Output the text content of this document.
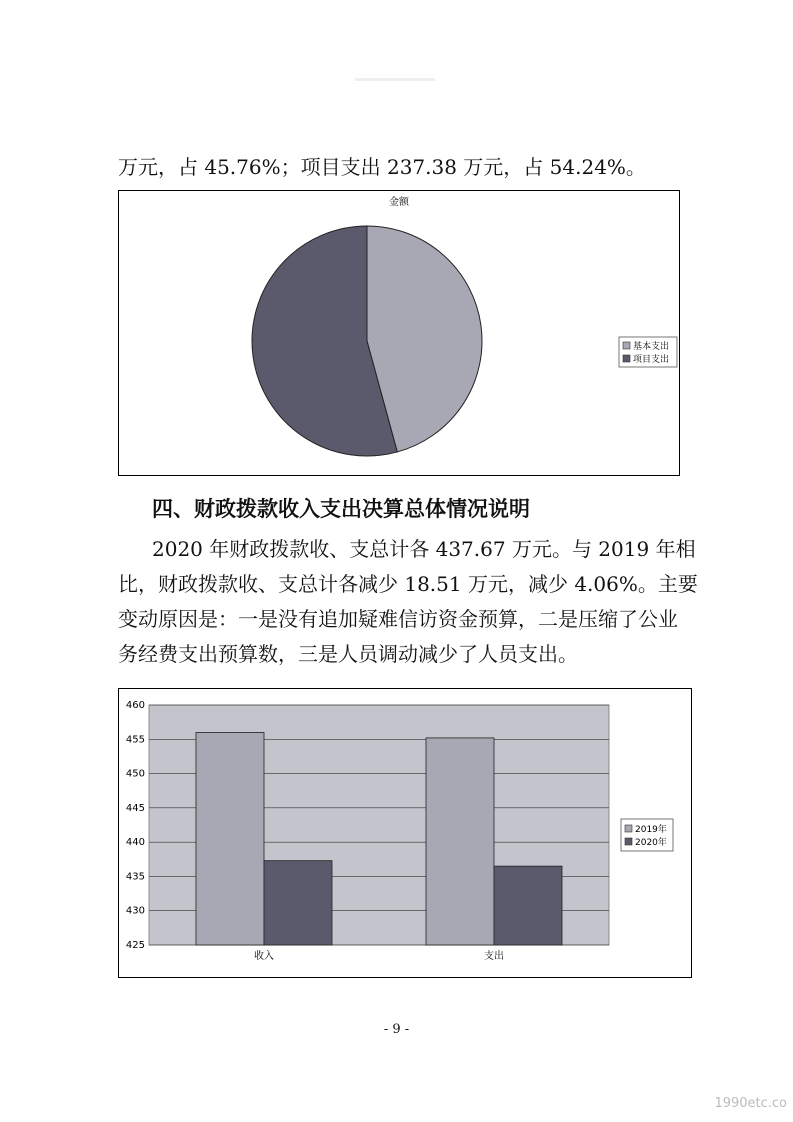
万元，占 45.76%；项目支出 237.38 万元，占 54.24%。

金额
基本支出
项目支出

四、财政拨款收入支出决算总体情况说明

2020 年财政拨款收、支总计各 437.67 万元。与 2019 年相

比，财政拨款收、支总计各减少 18.51 万元，减少 4.06%。主要

变动原因是：一是没有追加疑难信访资金预算，二是压缩了公业

务经费支出预算数，三是人员调动减少了人员支出。

460
455
450
445
440
435
430
425
收入	支出
2019年
2020年

- 9 -

1990etc.co
